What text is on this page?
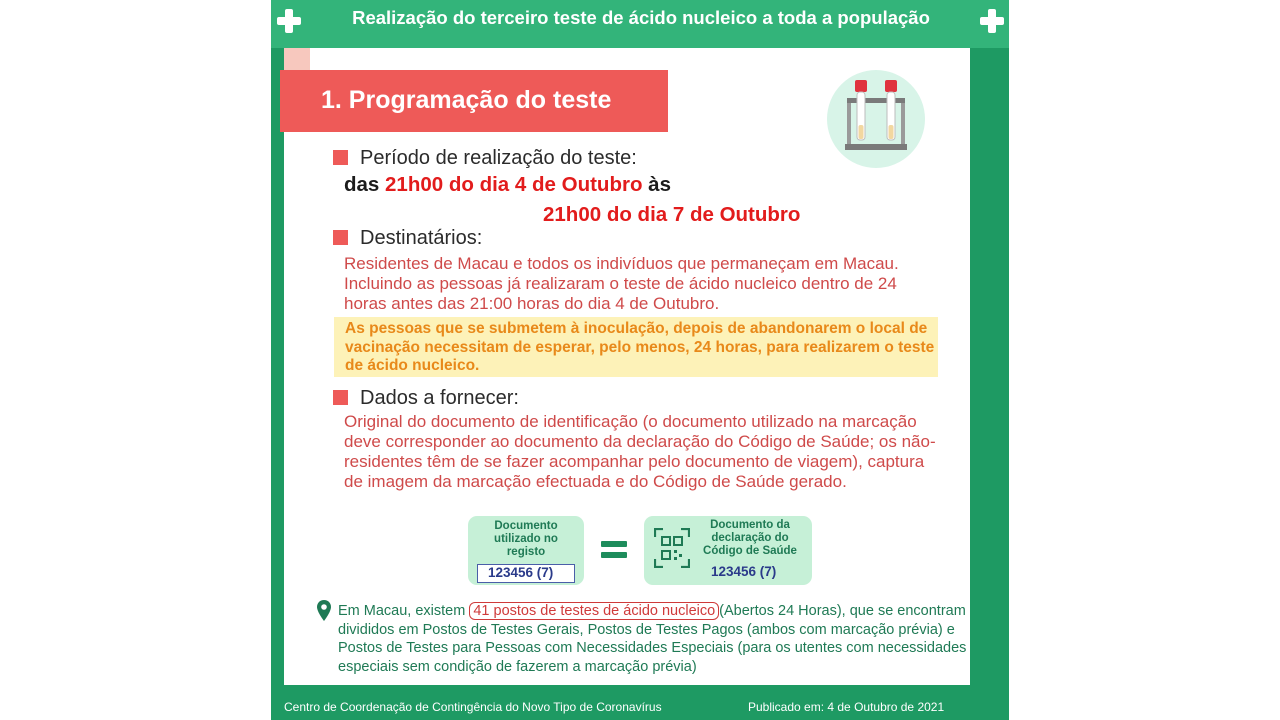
Realização do terceiro teste de ácido nucleico a toda a população
1. Programação do teste
Período de realização do teste:
das 21h00 do dia 4 de Outubro às
21h00 do dia 7 de Outubro
Destinatários:
Residentes de Macau e todos os indivíduos que permaneçam em Macau. Incluindo as pessoas já realizaram o teste de ácido nucleico dentro de 24 horas antes das 21:00 horas do dia 4 de Outubro.
As pessoas que se submetem à inoculação, depois de abandonarem o local de vacinação necessitam de esperar, pelo menos, 24 horas, para realizarem o teste de ácido nucleico.
Dados a fornecer:
Original do documento de identificação (o documento utilizado na marcação deve corresponder ao documento da declaração do Código de Saúde; os não-residentes têm de se fazer acompanhar pelo documento de viagem), captura de imagem da marcação efectuada e do Código de Saúde gerado.
Documento utilizado no registo
123456 (7)
Documento da declaração do Código de Saúde
123456 (7)
Em Macau, existem 41 postos de testes de ácido nucleico (Abertos 24 Horas), que se encontram divididos em Postos de Testes Gerais, Postos de Testes Pagos (ambos com marcação prévia) e Postos de Testes para Pessoas com Necessidades Especiais (para os utentes com necessidades especiais sem condição de fazerem a marcação prévia)
Centro de Coordenação de Contingência do Novo Tipo de Coronavírus	Publicado em: 4 de Outubro de 2021
